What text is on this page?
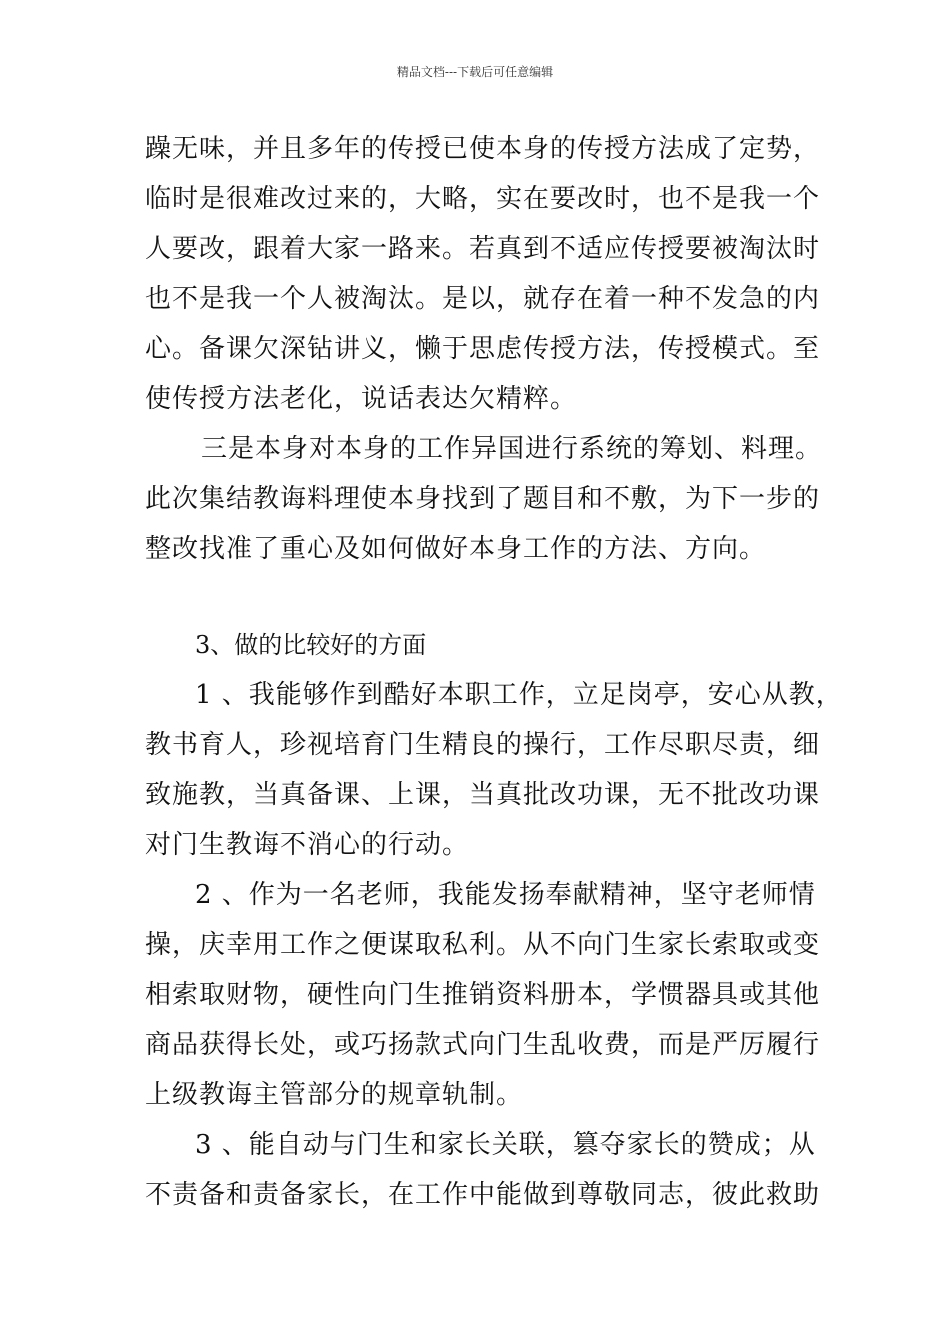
精品文档---下载后可任意编辑
躁无味，并且多年的传授已使本身的传授方法成了定势，
临时是很难改过来的，大略，实在要改时，也不是我一个
人要改，跟着大家一路来。若真到不适应传授要被淘汰时
也不是我一个人被淘汰。是以，就存在着一种不发急的内
心。备课欠深钻讲义，懒于思虑传授方法，传授模式。至
使传授方法老化，说话表达欠精粹。
三是本身对本身的工作异国进行系统的筹划、料理。
此次集结教诲料理使本身找到了题目和不敷，为下一步的
整改找准了重心及如何做好本身工作的方法、方向。

3、做的比较好的方面

1 、我能够作到酷好本职工作，立足岗亭，安心从教，
教书育人，珍视培育门生精良的操行，工作尽职尽责，细
致施教，当真备课、上课，当真批改功课，无不批改功课
对门生教诲不消心的行动。
2 、作为一名老师，我能发扬奉献精神，坚守老师情
操，庆幸用工作之便谋取私利。从不向门生家长索取或变
相索取财物，硬性向门生推销资料册本，学惯器具或其他
商品获得长处，或巧扬款式向门生乱收费，而是严厉履行
上级教诲主管部分的规章轨制。
3 、能自动与门生和家长关联，篡夺家长的赞成；从
不责备和责备家长，在工作中能做到尊敬同志，彼此救助
